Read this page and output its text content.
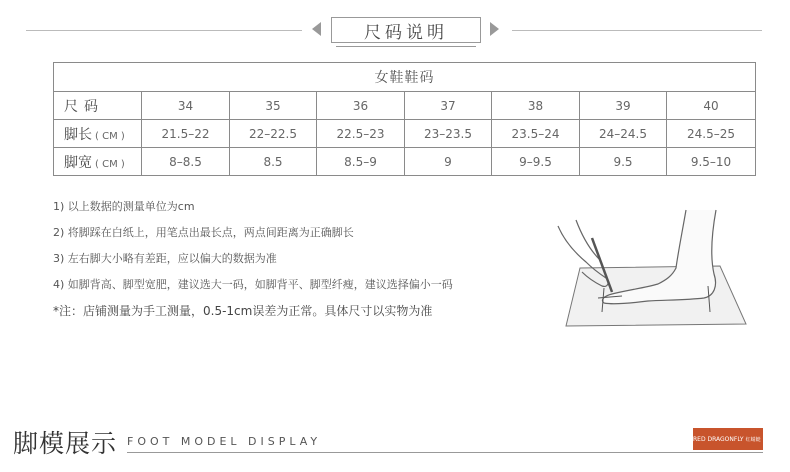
尺码说明
女鞋鞋码							
尺码	34	35	36	37	38	39	40
脚长 ( CM )	21.5–22	22–22.5	22.5–23	23–23.5	23.5–24	24–24.5	24.5–25
脚宽 ( CM )	8–8.5	8.5	8.5–9	9	9–9.5	9.5	9.5–10
1) 以上数据的测量单位为cm
2) 将脚踩在白纸上，用笔点出最长点，两点间距离为正确脚长
3) 左右脚大小略有差距，应以偏大的数据为准
4) 如脚背高、脚型宽肥，建议选大一码，如脚背平、脚型纤瘦，建议选择偏小一码
*注：店铺测量为手工测量，0.5-1cm误差为正常。具体尺寸以实物为准
脚模展示 FOOT MODEL DISPLAY	RED DRAGONFLY 红蜻蜓
